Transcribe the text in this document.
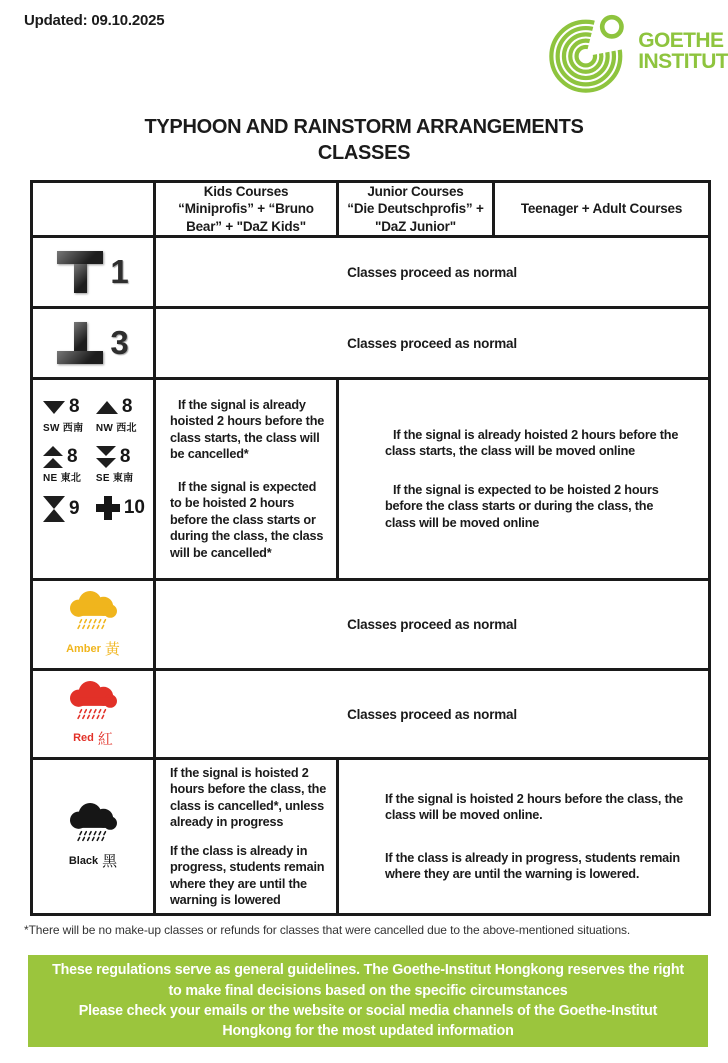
Updated: 09.10.2025
GOETHE
INSTITUT
TYPHOON AND RAINSTORM ARRANGEMENTS
CLASSES
Kids Courses
“Miniprofis” + “Bruno Bear” + "DaZ Kids"
Junior Courses
“Die Deutschprofis” + "DaZ Junior"
Teenager + Adult Courses
1	Classes proceed as normal
3	Classes proceed as normal
8
SW 西南
8
NW 西北
8
NE 東北
8
SE 東南
9 10

If the signal is already hoisted 2 hours before the class starts, the class will be cancelled*

If the signal is expected to be hoisted 2 hours before the class starts or during the class, the class will be cancelled*

If the signal is already hoisted 2 hours before the class starts, the class will be moved online

If the signal is expected to be hoisted 2 hours before the class starts or during the class, the class will be moved online

Amber 黃
Classes proceed as normal
Red 紅
Classes proceed as normal
Black 黑

If the signal is hoisted 2 hours before the class, the class is cancelled*, unless already in progress

If the class is already in progress, students remain where they are until the warning is lowered

If the signal is hoisted 2 hours before the class, the class will be moved online.

If the class is already in progress, students remain where they are until the warning is lowered.

*There will be no make-up classes or refunds for classes that were cancelled due to the above-mentioned situations.
These regulations serve as general guidelines. The Goethe-Institut Hongkong reserves the right to make final decisions based on the specific circumstances
Please check your emails or the website or social media channels of the Goethe-Institut Hongkong for the most updated information
